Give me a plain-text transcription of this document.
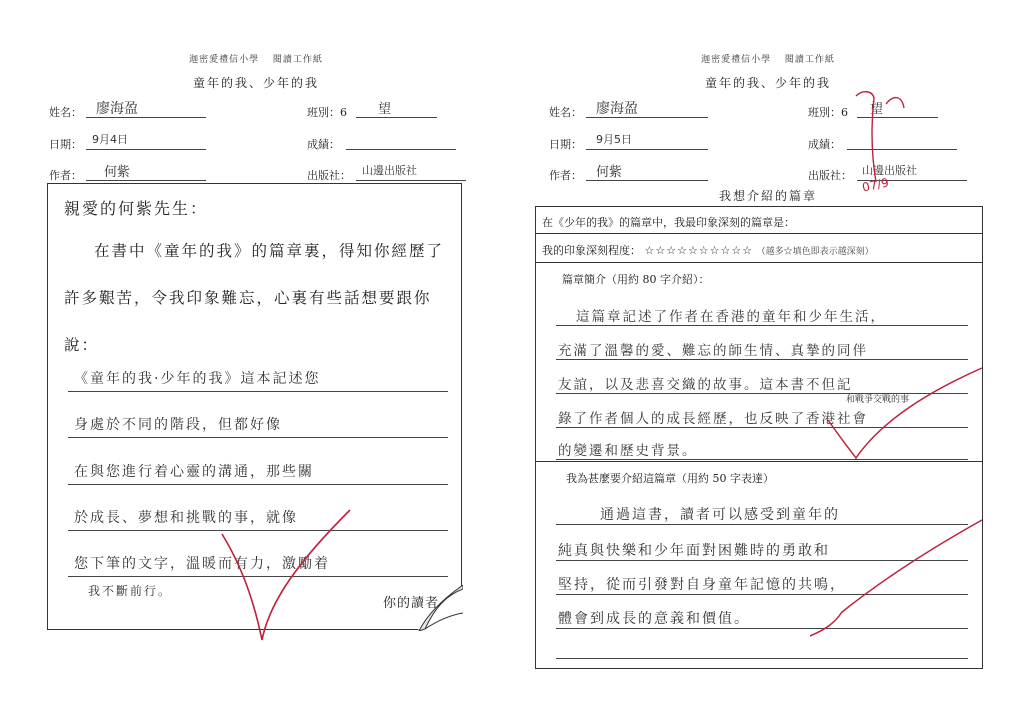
迦密愛禮信小學　 閱讀工作紙
童年的我、少年的我
姓名： 廖海盈	班別：6 望
日期： 9月4日	成績：
作者： 何紫	出版社： 山邊出版社
親愛的何紫先生：
在書中《童年的我》的篇章裏，得知你經歷了許多艱苦，令我印象難忘，心裏有些話想要跟你說：
《童年的我·少年的我》這本記述您
身處於不同的階段，但都好像
在與您進行着心靈的溝通，那些關
於成長、夢想和挑戰的事，就像
您下筆的文字，溫暖而有力，激勵着
我不斷前行。
你的讀者
迦密愛禮信小學　 閱讀工作紙
童年的我、少年的我
姓名： 廖海盈	班別：6 望
日期： 9月5日	成績：
作者： 何紫	出版社： 山邊出版社
07/9
我想介紹的篇章
在《少年的我》的篇章中，我最印象深刻的篇章是：
我的印象深刻程度： ☆☆☆☆☆☆☆☆☆☆ （越多☆填色即表示越深刻）
篇章簡介（用約 80 字介紹）：
這篇章記述了作者在香港的童年和少年生活，
充滿了溫馨的愛、難忘的師生情、真摯的同伴
友誼，以及悲喜交織的故事。這本書不但記
錄了作者個人的成長經歷，也反映了香港社會
的變遷和歷史背景。
和戰爭交戰的事
我為甚麼要介紹這篇章（用約 50 字表達）
通過這書，讀者可以感受到童年的
純真與快樂和少年面對困難時的勇敢和
堅持，從而引發對自身童年記憶的共鳴，
體會到成長的意義和價值。
